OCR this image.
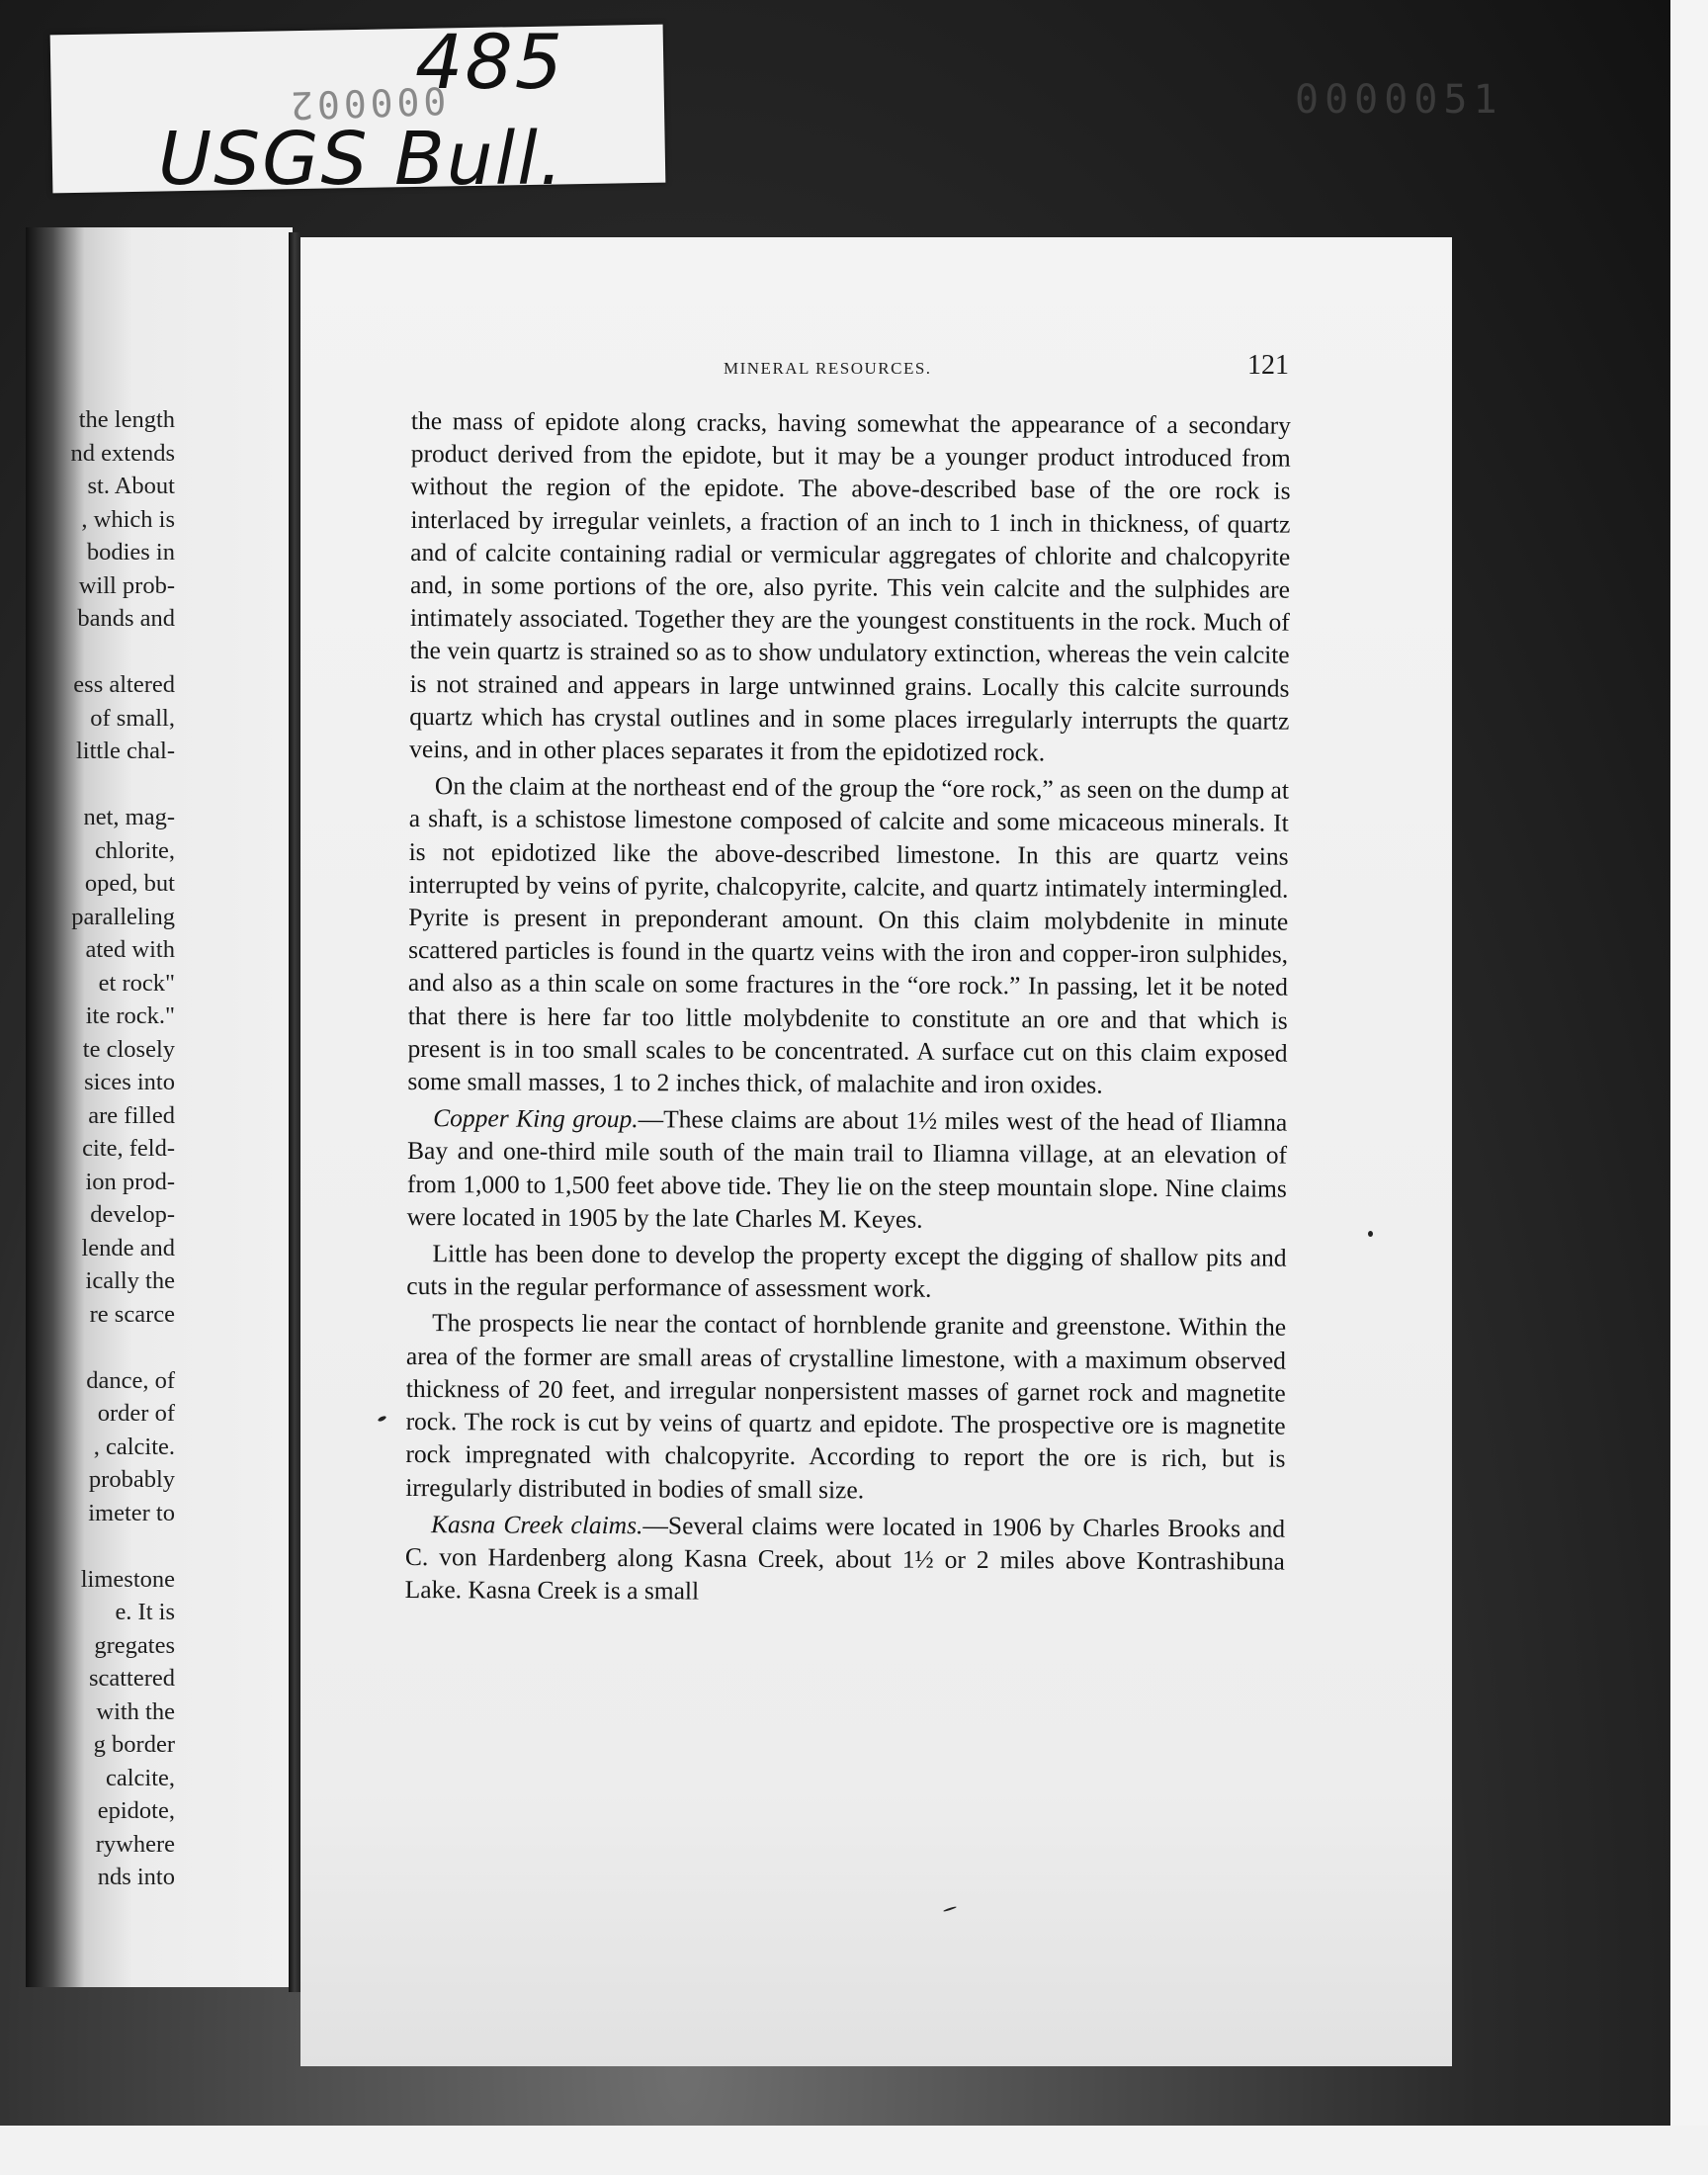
000002
485
USGS Bull.
0000051
the length
nd extends
st. About
, which is
bodies in
will prob-
bands and
ess altered
of small,
little chal-
net, mag-
chlorite,
oped, but
paralleling
ated with
et rock"
ite rock."
te closely
sices into
are filled
cite, feld-
ion prod-
develop-
lende and
ically the
re scarce
dance, of
order of
, calcite.
probably
imeter to
limestone
e. It is
gregates
scattered
with the
g border
calcite,
epidote,
rywhere
nds into
MINERAL RESOURCES.	121

the mass of epidote along cracks, having somewhat the appearance of a secondary product derived from the epidote, but it may be a younger product introduced from without the region of the epidote. The above-described base of the ore rock is interlaced by irregular veinlets, a fraction of an inch to 1 inch in thickness, of quartz and of calcite containing radial or vermicular aggregates of chlorite and chalcopyrite and, in some portions of the ore, also pyrite. This vein calcite and the sulphides are intimately associated. Together they are the youngest constituents in the rock. Much of the vein quartz is strained so as to show undulatory extinction, whereas the vein calcite is not strained and appears in large untwinned grains. Locally this calcite surrounds quartz which has crystal outlines and in some places irregularly interrupts the quartz veins, and in other places separates it from the epidotized rock.

On the claim at the northeast end of the group the “ore rock,” as seen on the dump at a shaft, is a schistose limestone composed of calcite and some micaceous minerals. It is not epidotized like the above-described limestone. In this are quartz veins interrupted by veins of pyrite, chalcopyrite, calcite, and quartz intimately intermingled. Pyrite is present in preponderant amount. On this claim molybdenite in minute scattered particles is found in the quartz veins with the iron and copper-iron sulphides, and also as a thin scale on some fractures in the “ore rock.” In passing, let it be noted that there is here far too little molybdenite to constitute an ore and that which is present is in too small scales to be concentrated. A surface cut on this claim exposed some small masses, 1 to 2 inches thick, of malachite and iron oxides.

Copper King group.—These claims are about 1½ miles west of the head of Iliamna Bay and one-third mile south of the main trail to Iliamna village, at an elevation of from 1,000 to 1,500 feet above tide. They lie on the steep mountain slope. Nine claims were located in 1905 by the late Charles M. Keyes.

Little has been done to develop the property except the digging of shallow pits and cuts in the regular performance of assessment work.

The prospects lie near the contact of hornblende granite and greenstone. Within the area of the former are small areas of crystalline limestone, with a maximum observed thickness of 20 feet, and irregular nonpersistent masses of garnet rock and magnetite rock. The rock is cut by veins of quartz and epidote. The prospective ore is magnetite rock impregnated with chalcopyrite. According to report the ore is rich, but is irregularly distributed in bodies of small size.

Kasna Creek claims.—Several claims were located in 1906 by Charles Brooks and C. von Hardenberg along Kasna Creek, about 1½ or 2 miles above Kontrashibuna Lake. Kasna Creek is a small
